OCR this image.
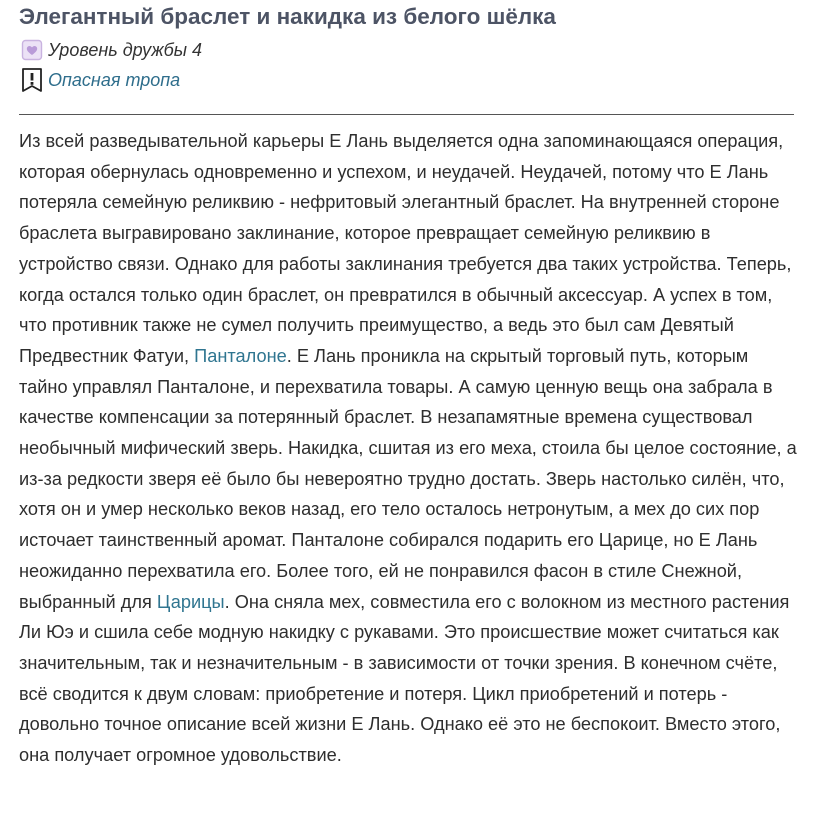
Элегантный браслет и накидка из белого шёлка
Уровень дружбы 4
Опасная тропа

Из всей разведывательной карьеры Е Лань выделяется одна запоминающаяся операция, которая обернулась одновременно и успехом, и неудачей. Неудачей, потому что Е Лань потеряла семейную реликвию - нефритовый элегантный браслет. На внутренней стороне браслета выгравировано заклинание, которое превращает семейную реликвию в устройство связи. Однако для работы заклинания требуется два таких устройства. Теперь, когда остался только один браслет, он превратился в обычный аксессуар. А успех в том, что противник также не сумел получить преимущество, а ведь это был сам Девятый Предвестник Фатуи, Панталоне. Е Лань проникла на скрытый торговый путь, которым тайно управлял Панталоне, и перехватила товары. А самую ценную вещь она забрала в качестве компенсации за потерянный браслет. В незапамятные времена существовал необычный мифический зверь. Накидка, сшитая из его меха, стоила бы целое состояние, а из-за редкости зверя её было бы невероятно трудно достать. Зверь настолько силён, что, хотя он и умер несколько веков назад, его тело осталось нетронутым, а мех до сих пор источает таинственный аромат. Панталоне собирался подарить его Царице, но Е Лань неожиданно перехватила его. Более того, ей не понравился фасон в стиле Снежной, выбранный для Царицы. Она сняла мех, совместила его с волокном из местного растения Ли Юэ и сшила себе модную накидку с рукавами. Это происшествие может считаться как значительным, так и незначительным - в зависимости от точки зрения. В конечном счёте, всё сводится к двум словам: приобретение и потеря. Цикл приобретений и потерь - довольно точное описание всей жизни Е Лань. Однако её это не беспокоит. Вместо этого, она получает огромное удовольствие.
